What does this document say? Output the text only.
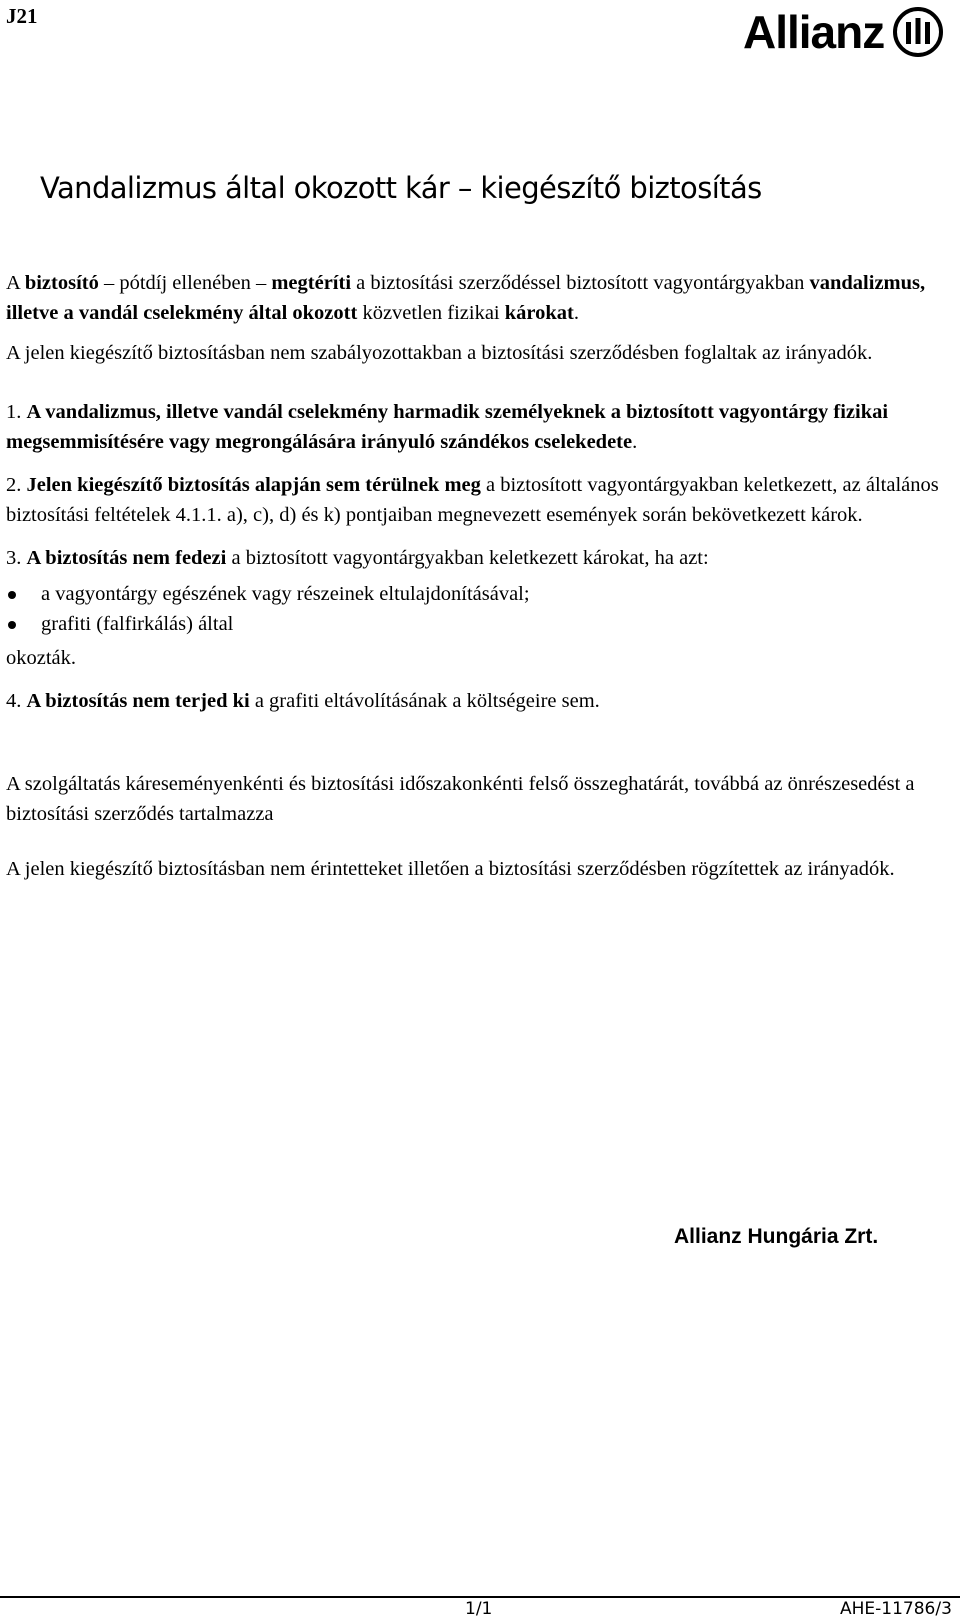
J21	Allianz
Vandalizmus által okozott kár – kiegészítő biztosítás

A biztosító – pótdíj ellenében – megtéríti a biztosítási szerződéssel biztosított vagyontárgyakban vandalizmus, illetve a vandál cselekmény által okozott közvetlen fizikai károkat.

A jelen kiegészítő biztosításban nem szabályozottakban a biztosítási szerződésben foglaltak az irányadók.

1. A vandalizmus, illetve vandál cselekmény harmadik személyeknek a biztosított vagyontárgy fizikai megsemmisítésére vagy megrongálására irányuló szándékos cselekedete.

2. Jelen kiegészítő biztosítás alapján sem térülnek meg a biztosított vagyontárgyakban keletkezett, az általános biztosítási feltételek 4.1.1. a), c), d) és k) pontjaiban megnevezett események során bekövetkezett károk.

3. A biztosítás nem fedezi a biztosított vagyontárgyakban keletkezett károkat, ha azt:

a vagyontárgy egészének vagy részeinek eltulajdonításával;
grafiti (falfirkálás) által

okozták.

4. A biztosítás nem terjed ki a grafiti eltávolításának a költségeire sem.

A szolgáltatás káreseményenkénti és biztosítási időszakonkénti felső összeghatárát, továbbá az önrészesedést a biztosítási szerződés tartalmazza

A jelen kiegészítő biztosításban nem érintetteket illetően a biztosítási szerződésben rögzítettek az irányadók.

Allianz Hungária Zrt.
1/1	AHE-11786/3
